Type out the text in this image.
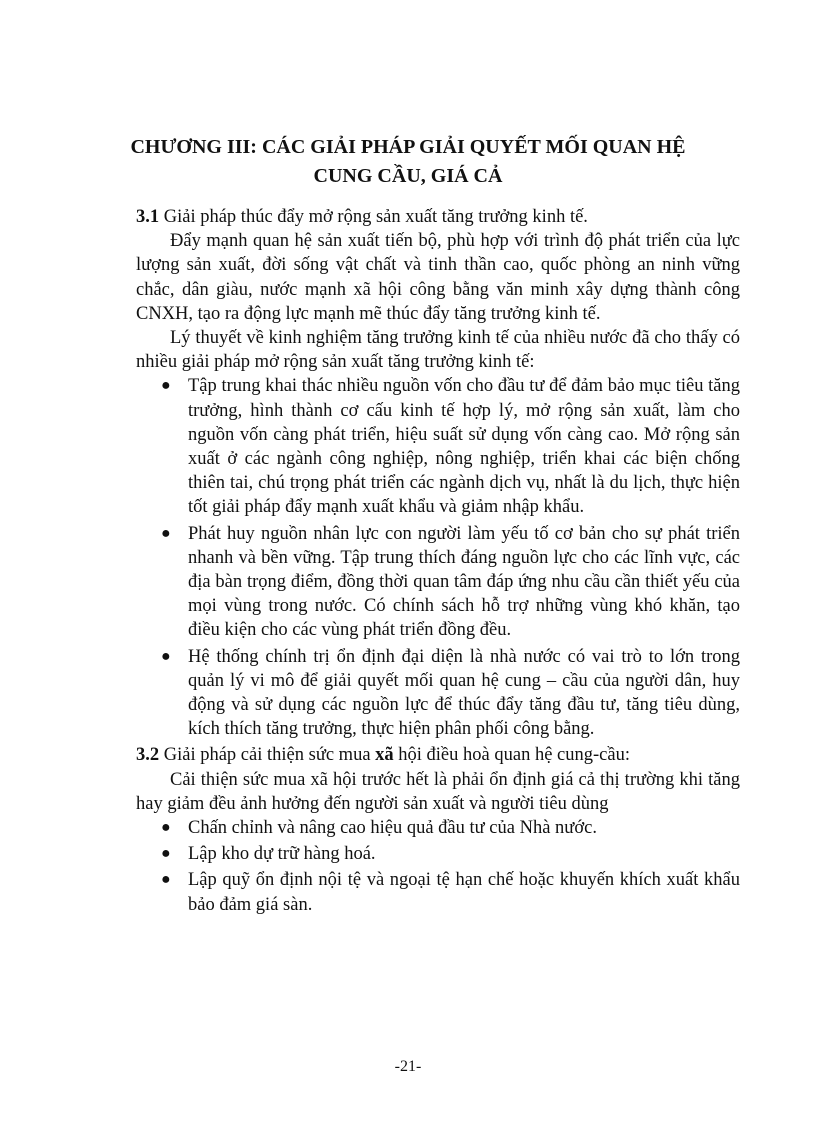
CHƯƠNG III: CÁC GIẢI PHÁP GIẢI QUYẾT MỐI QUAN HỆ
CUNG CẦU, GIÁ CẢ
3.1 Giải pháp thúc đẩy mở rộng sản xuất tăng trưởng kinh tế.

Đẩy mạnh quan hệ sản xuất tiến bộ, phù hợp với trình độ phát triển của lực lượng sản xuất, đời sống vật chất và tinh thần cao, quốc phòng an ninh vững chắc, dân giàu, nước mạnh xã hội công bằng văn minh xây dựng thành công CNXH, tạo ra động lực mạnh mẽ thúc đẩy tăng trưởng kinh tế.

Lý thuyết về kinh nghiệm tăng trưởng kinh tế của nhiều nước đã cho thấy có nhiều giải pháp mở rộng sản xuất tăng trưởng kinh tế:

● Tập trung khai thác nhiều nguồn vốn cho đầu tư để đảm bảo mục tiêu tăng trưởng, hình thành cơ cấu kinh tế hợp lý, mở rộng sản xuất, làm cho nguồn vốn càng phát triển, hiệu suất sử dụng vốn càng cao. Mở rộng sản xuất ở các ngành công nghiệp, nông nghiệp, triển khai các biện chống thiên tai, chú trọng phát triển các ngành dịch vụ, nhất là du lịch, thực hiện tốt giải pháp đẩy mạnh xuất khẩu và giảm nhập khẩu.
● Phát huy nguồn nhân lực con người làm yếu tố cơ bản cho sự phát triển nhanh và bền vững. Tập trung thích đáng nguồn lực cho các lĩnh vực, các địa bàn trọng điểm, đồng thời quan tâm đáp ứng nhu cầu cần thiết yếu của mọi vùng trong nước. Có chính sách hỗ trợ những vùng khó khăn, tạo điều kiện cho các vùng phát triển đồng đều.
● Hệ thống chính trị ổn định đại diện là nhà nước có vai trò to lớn trong quản lý vi mô để giải quyết mối quan hệ cung – cầu của người dân, huy động và sử dụng các nguồn lực để thúc đẩy tăng đầu tư, tăng tiêu dùng, kích thích tăng trưởng, thực hiện phân phối công bằng.
3.2 Giải pháp cải thiện sức mua xã hội điều hoà quan hệ cung-cầu:

Cải thiện sức mua xã hội trước hết là phải ổn định giá cả thị trường khi tăng hay giảm đều ảnh hưởng đến người sản xuất và người tiêu dùng

● Chấn chỉnh và nâng cao hiệu quả đầu tư của Nhà nước.
● Lập kho dự trữ hàng hoá.
● Lập quỹ ổn định nội tệ và ngoại tệ hạn chế hoặc khuyến khích xuất khẩu bảo đảm giá sàn.
-21-
